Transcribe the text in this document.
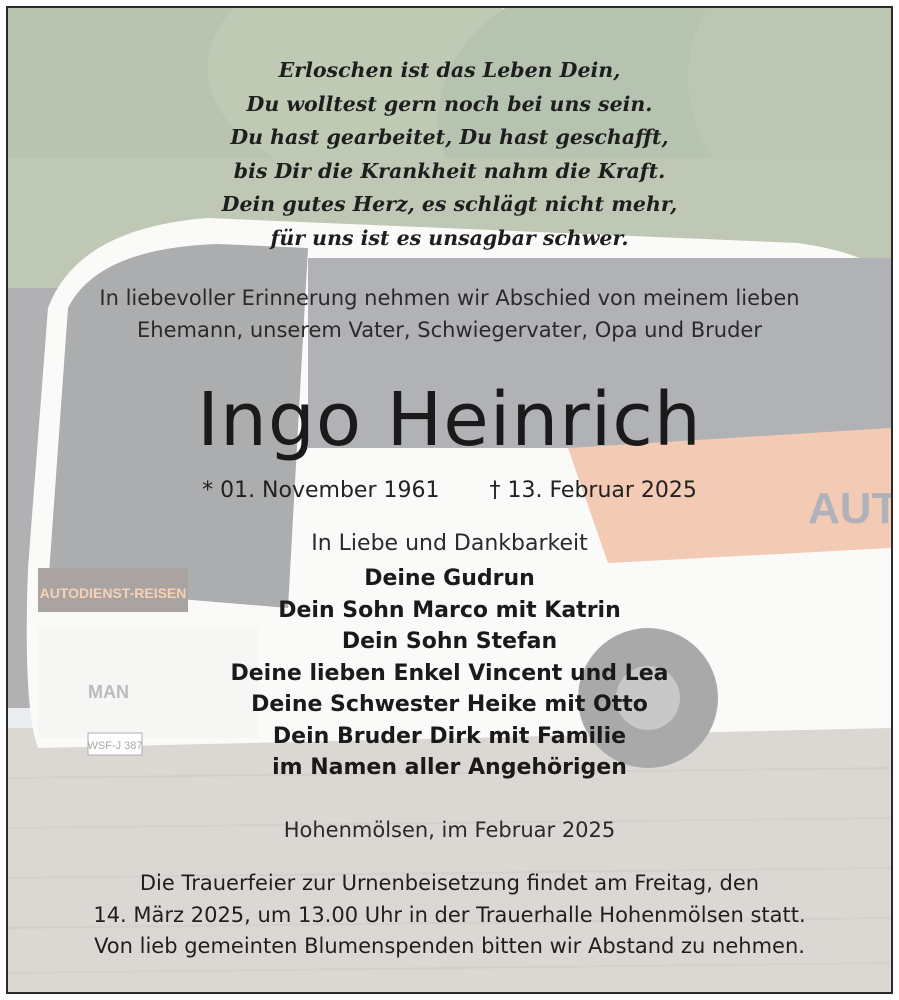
Erloschen ist das Leben Dein,
Du wolltest gern noch bei uns sein.
Du hast gearbeitet, Du hast geschafft,
bis Dir die Krankheit nahm die Kraft.
Dein gutes Herz, es schlägt nicht mehr,
für uns ist es unsagbar schwer.
In liebevoller Erinnerung nehmen wir Abschied von meinem lieben
Ehemann, unserem Vater, Schwiegervater, Opa und Bruder
Ingo Heinrich
* 01. November 1961 † 13. Februar 2025
In Liebe und Dankbarkeit
Deine Gudrun
Dein Sohn Marco mit Katrin
Dein Sohn Stefan
Deine lieben Enkel Vincent und Lea
Deine Schwester Heike mit Otto
Dein Bruder Dirk mit Familie
im Namen aller Angehörigen
Hohenmölsen, im Februar 2025
Die Trauerfeier zur Urnenbeisetzung findet am Freitag, den
14. März 2025, um 13.00 Uhr in der Trauerhalle Hohenmölsen statt.
Von lieb gemeinten Blumenspenden bitten wir Abstand zu nehmen.
